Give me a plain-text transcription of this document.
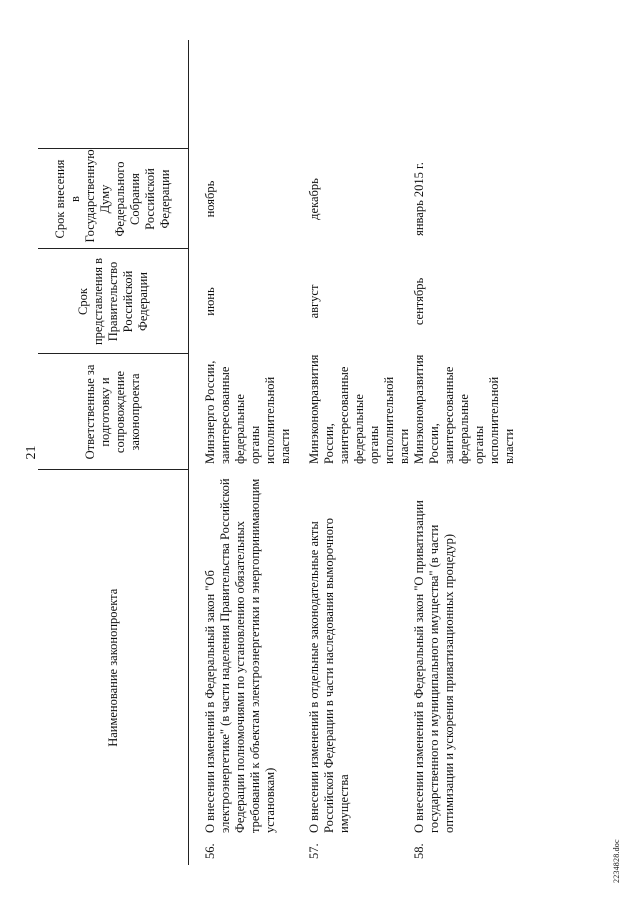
21
Наименование законопроекта	Ответственные за подготовку и сопровождение законопроекта	Срок представления в Правительство Российской Федерации	Срок внесения в Государственную Думу Федерального Собрания Российской Федерации	

56.
О внесении изменений в Федеральный закон "Об электроэнергетике" (в части наделения Правительства Российской Федерации полномочиями по установлению обязательных требований к объектам электроэнергетики и энергопринимающим установкам)	Минэнерго России, заинтересованные федеральные органы исполнительной власти	июнь	ноябрь	

57.
О внесении изменений в отдельные законодательные акты Российской Федерации в части наследования выморочного имущества	Минэкономразвития России, заинтересованные федеральные органы исполнительной власти	август	декабрь	

58.
О внесении изменений в Федеральный закон "О приватизации государственного и муниципального имущества" (в части оптимизации и ускорения приватизационных процедур)	Минэкономразвития России, заинтересованные федеральные органы исполнительной власти	сентябрь	январь 2015 г.	
2234828.doc
